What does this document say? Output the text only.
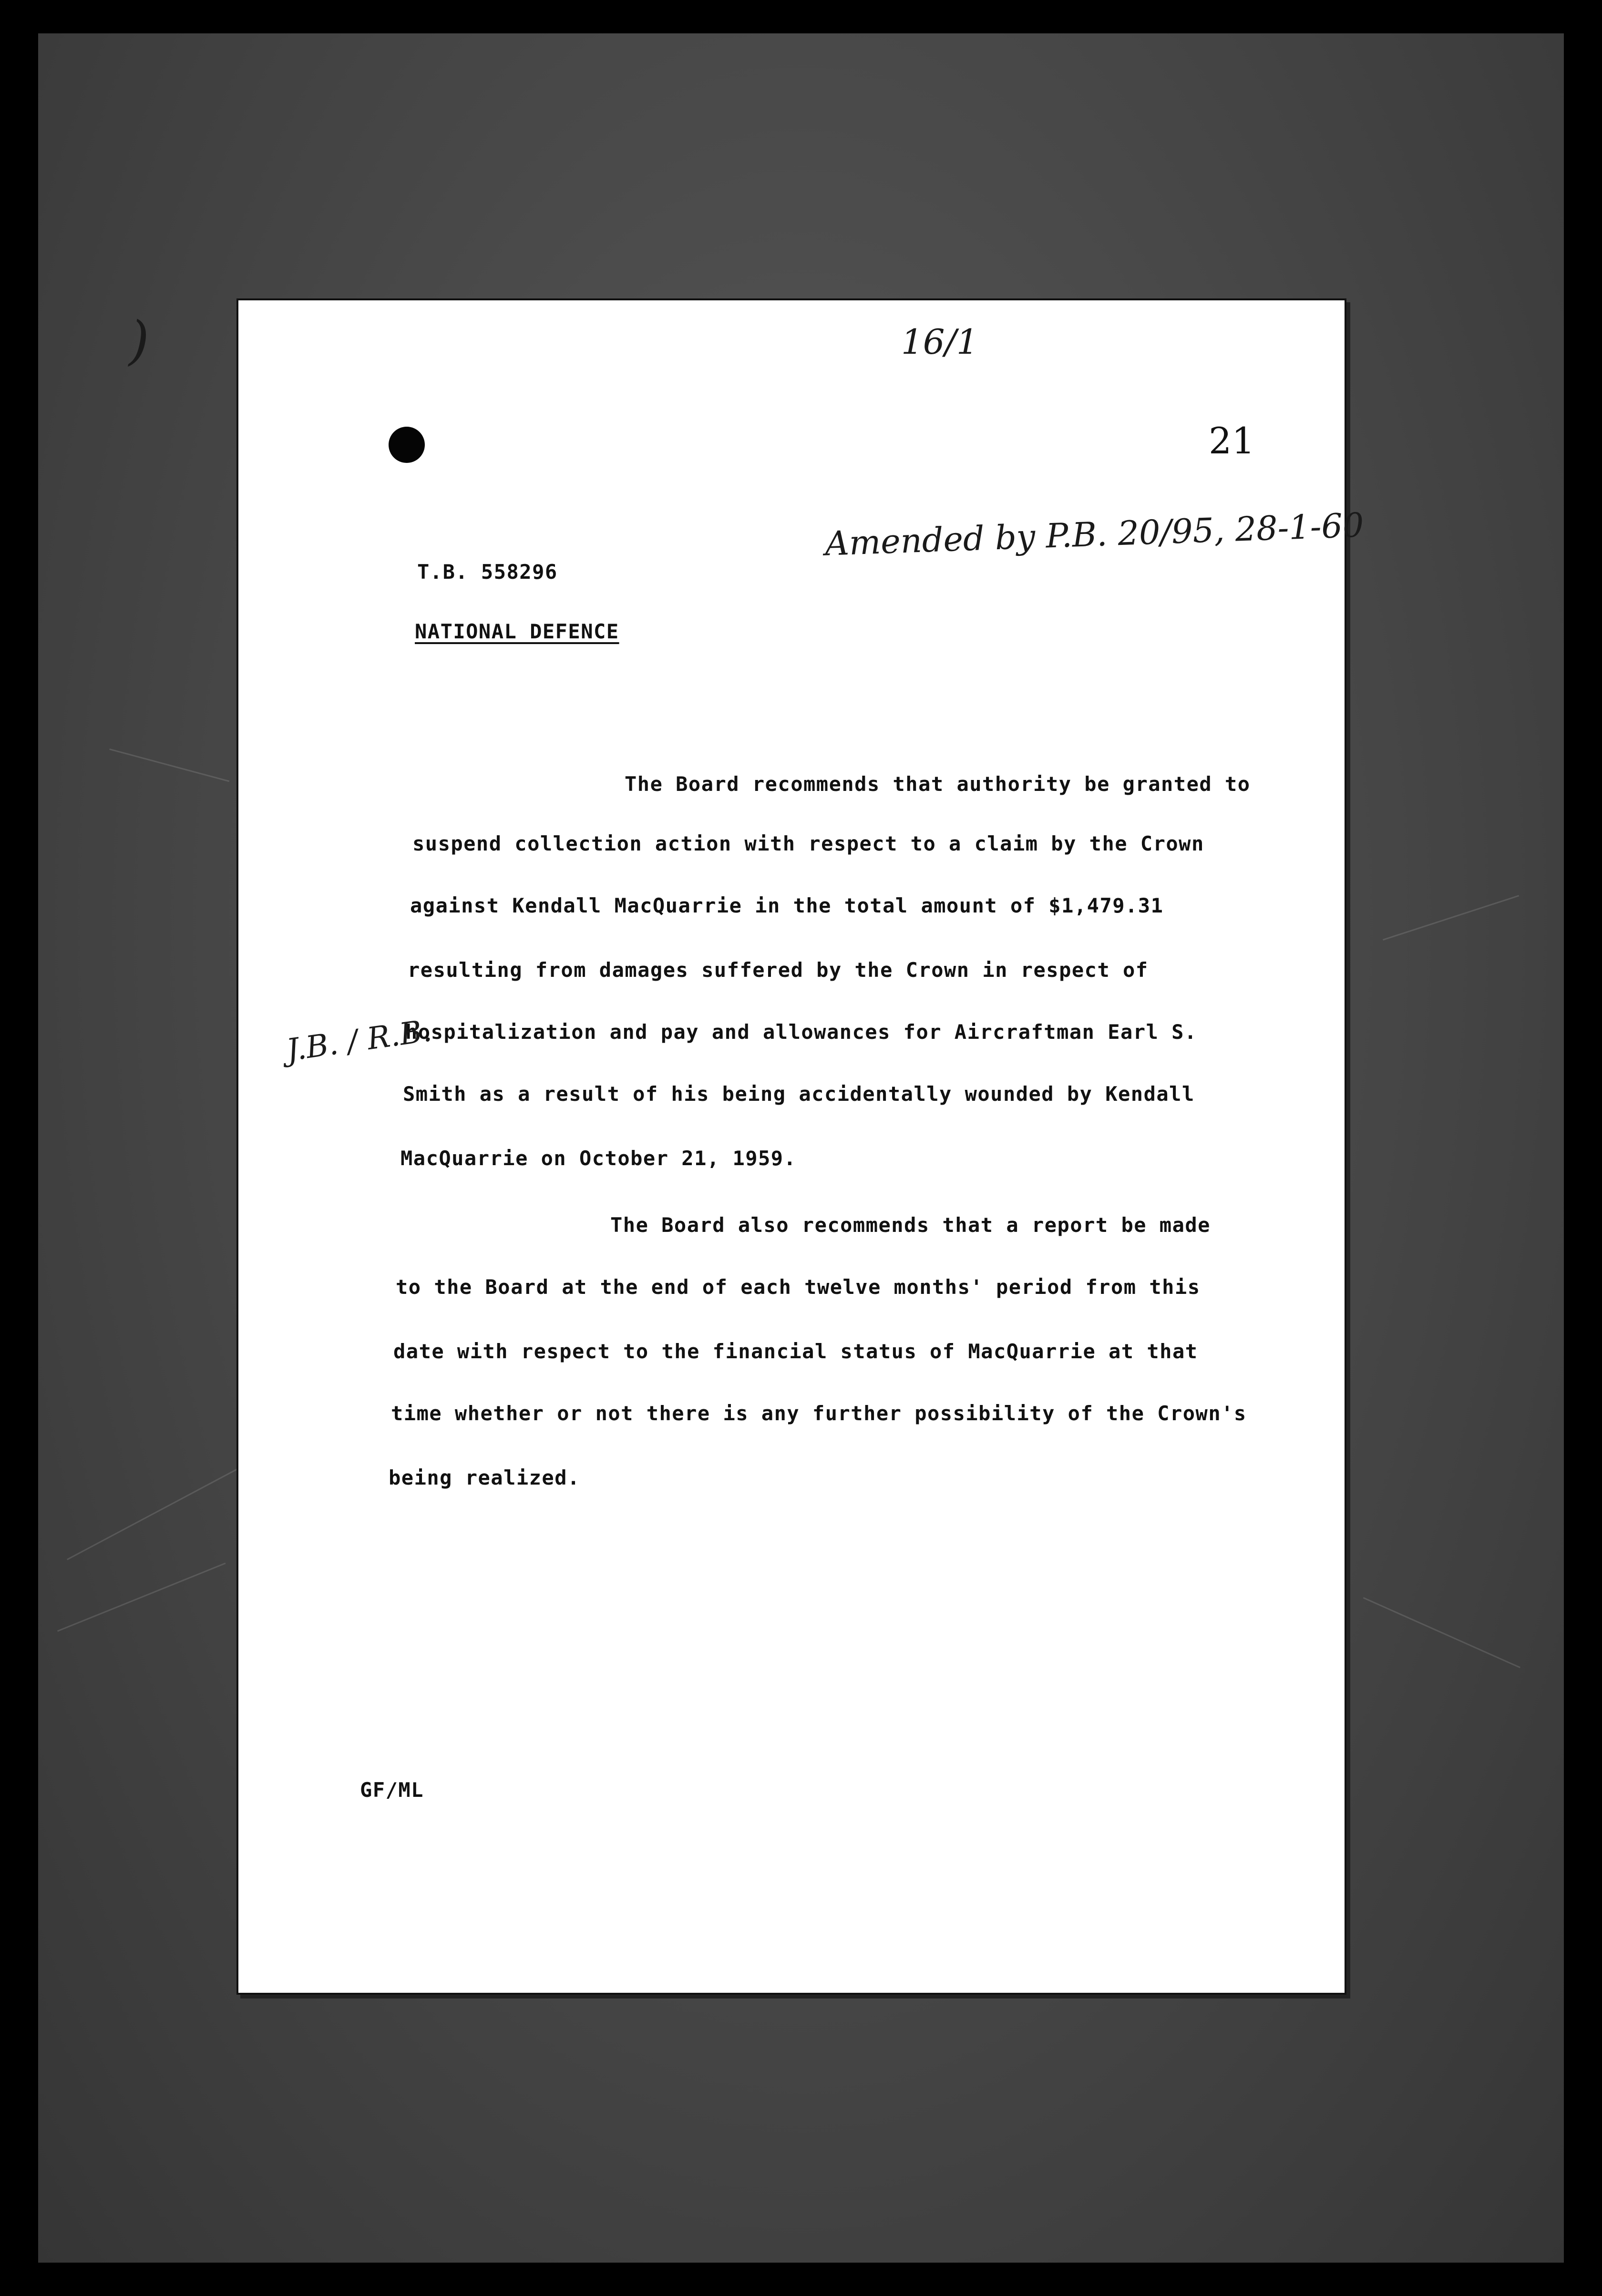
)	16/1
21
Amended by P.B. 20/95, 28-1-60
T.B. 558296
NATIONAL DEFENCE
The Board recommends that authority be granted to
suspend collection action with respect to a claim by the Crown
against Kendall MacQuarrie in the total amount of $1,479.31
resulting from damages suffered by the Crown in respect of
hospitalization and pay and allowances for Aircraftman Earl S.
Smith as a result of his being accidentally wounded by Kendall
MacQuarrie on October 21, 1959.
The Board also recommends that a report be made
to the Board at the end of each twelve months' period from this
date with respect to the financial status of MacQuarrie at that
time whether or not there is any further possibility of the Crown's
being realized.
J.B. / R.B.
GF/ML
